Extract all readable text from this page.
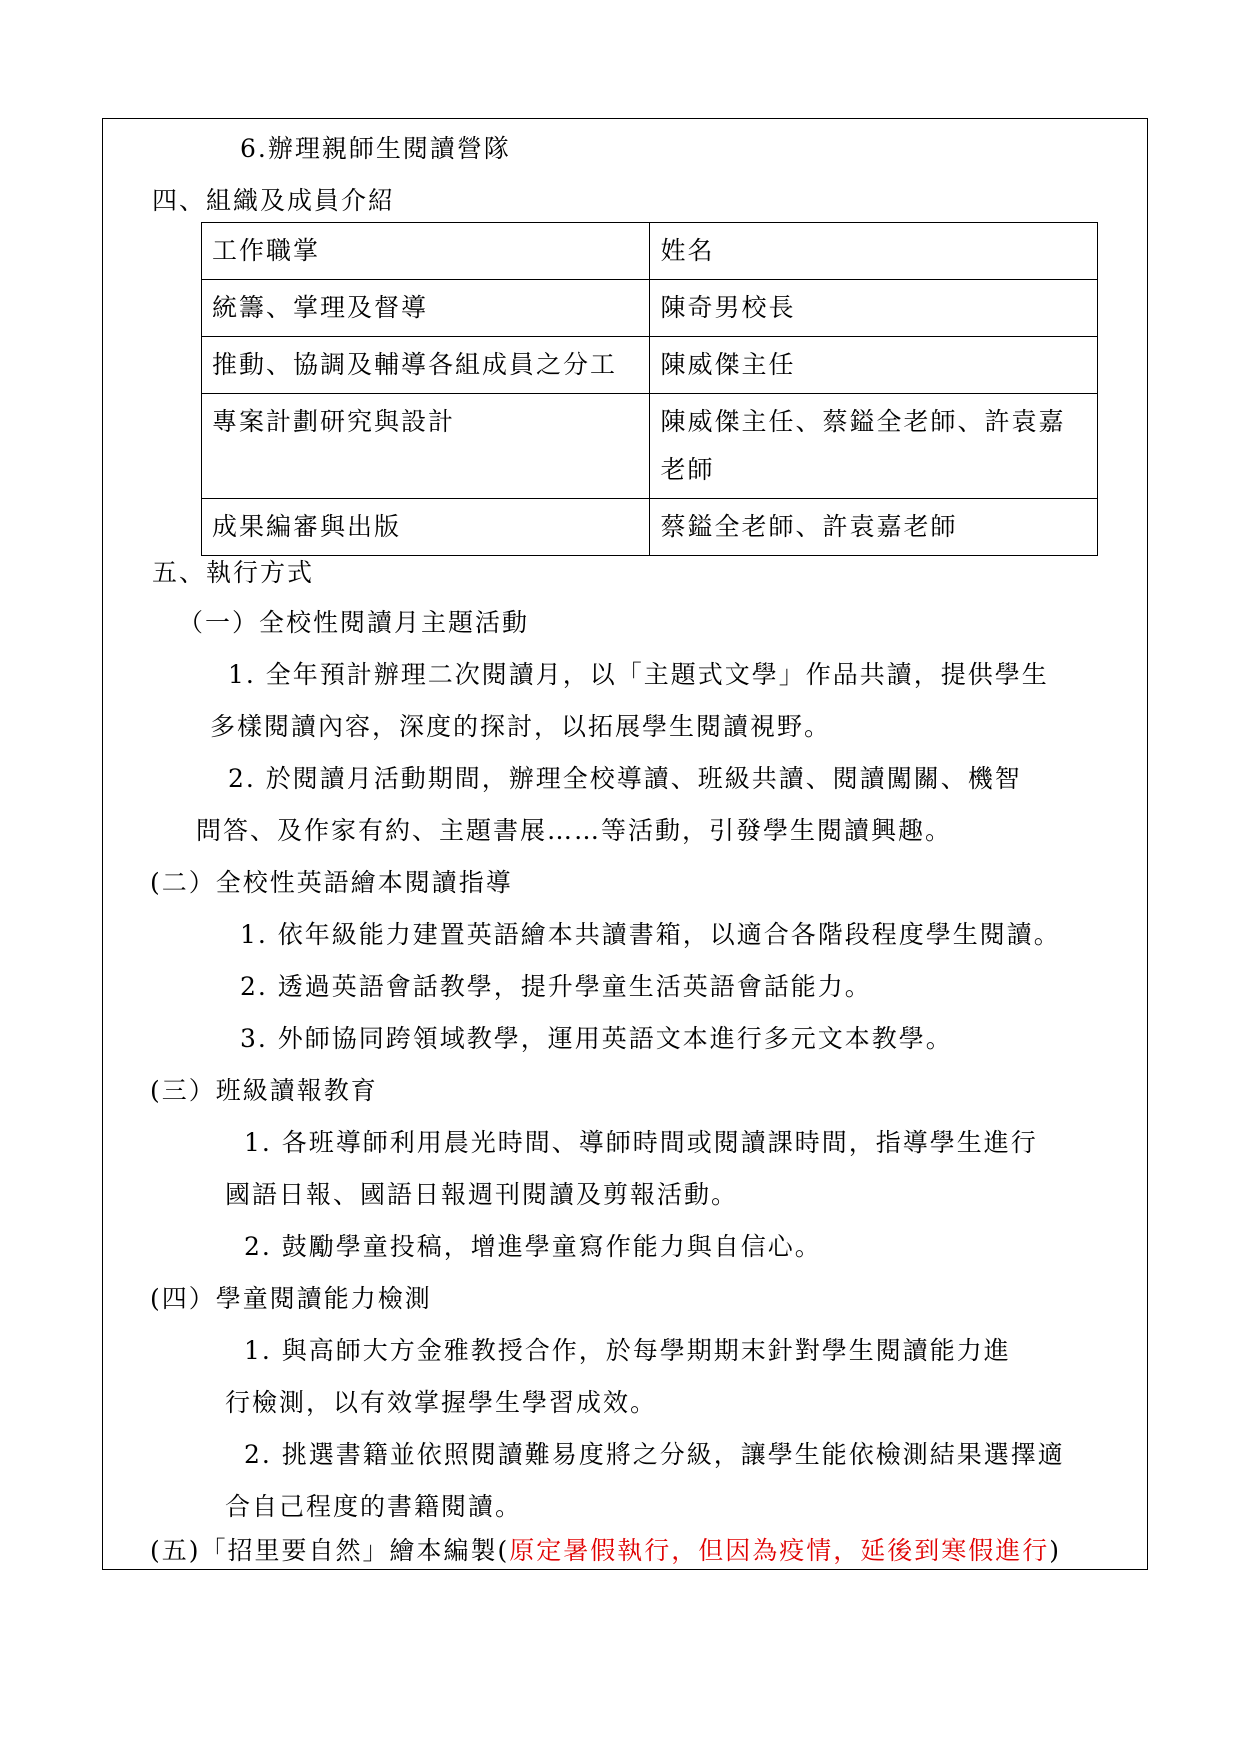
6.辦理親師生閱讀營隊
四、組織及成員介紹
工作職掌	姓名
統籌、掌理及督導	陳奇男校長
推動、協調及輔導各組成員之分工	陳威傑主任
專案計劃研究與設計	陳威傑主任、蔡鎰全老師、許袁嘉老師
成果編審與出版	蔡鎰全老師、許袁嘉老師
五、執行方式
（一）全校性閱讀月主題活動
1. 全年預計辦理二次閱讀月，以「主題式文學」作品共讀，提供學生
多樣閱讀內容，深度的探討，以拓展學生閱讀視野。
2. 於閱讀月活動期間，辦理全校導讀、班級共讀、閱讀闖關、機智
問答、及作家有約、主題書展……等活動，引發學生閱讀興趣。
(二）全校性英語繪本閱讀指導
1. 依年級能力建置英語繪本共讀書箱，以適合各階段程度學生閱讀。
2. 透過英語會話教學，提升學童生活英語會話能力。
3. 外師協同跨領域教學，運用英語文本進行多元文本教學。
(三）班級讀報教育
1. 各班導師利用晨光時間、導師時間或閱讀課時間，指導學生進行
國語日報、國語日報週刊閱讀及剪報活動。
2. 鼓勵學童投稿，增進學童寫作能力與自信心。
(四）學童閱讀能力檢測
1. 與高師大方金雅教授合作，於每學期期末針對學生閱讀能力進
行檢測，以有效掌握學生學習成效。
2. 挑選書籍並依照閱讀難易度將之分級，讓學生能依檢測結果選擇適
合自己程度的書籍閱讀。
(五)「招里要自然」繪本編製(原定暑假執行，但因為疫情，延後到寒假進行)
